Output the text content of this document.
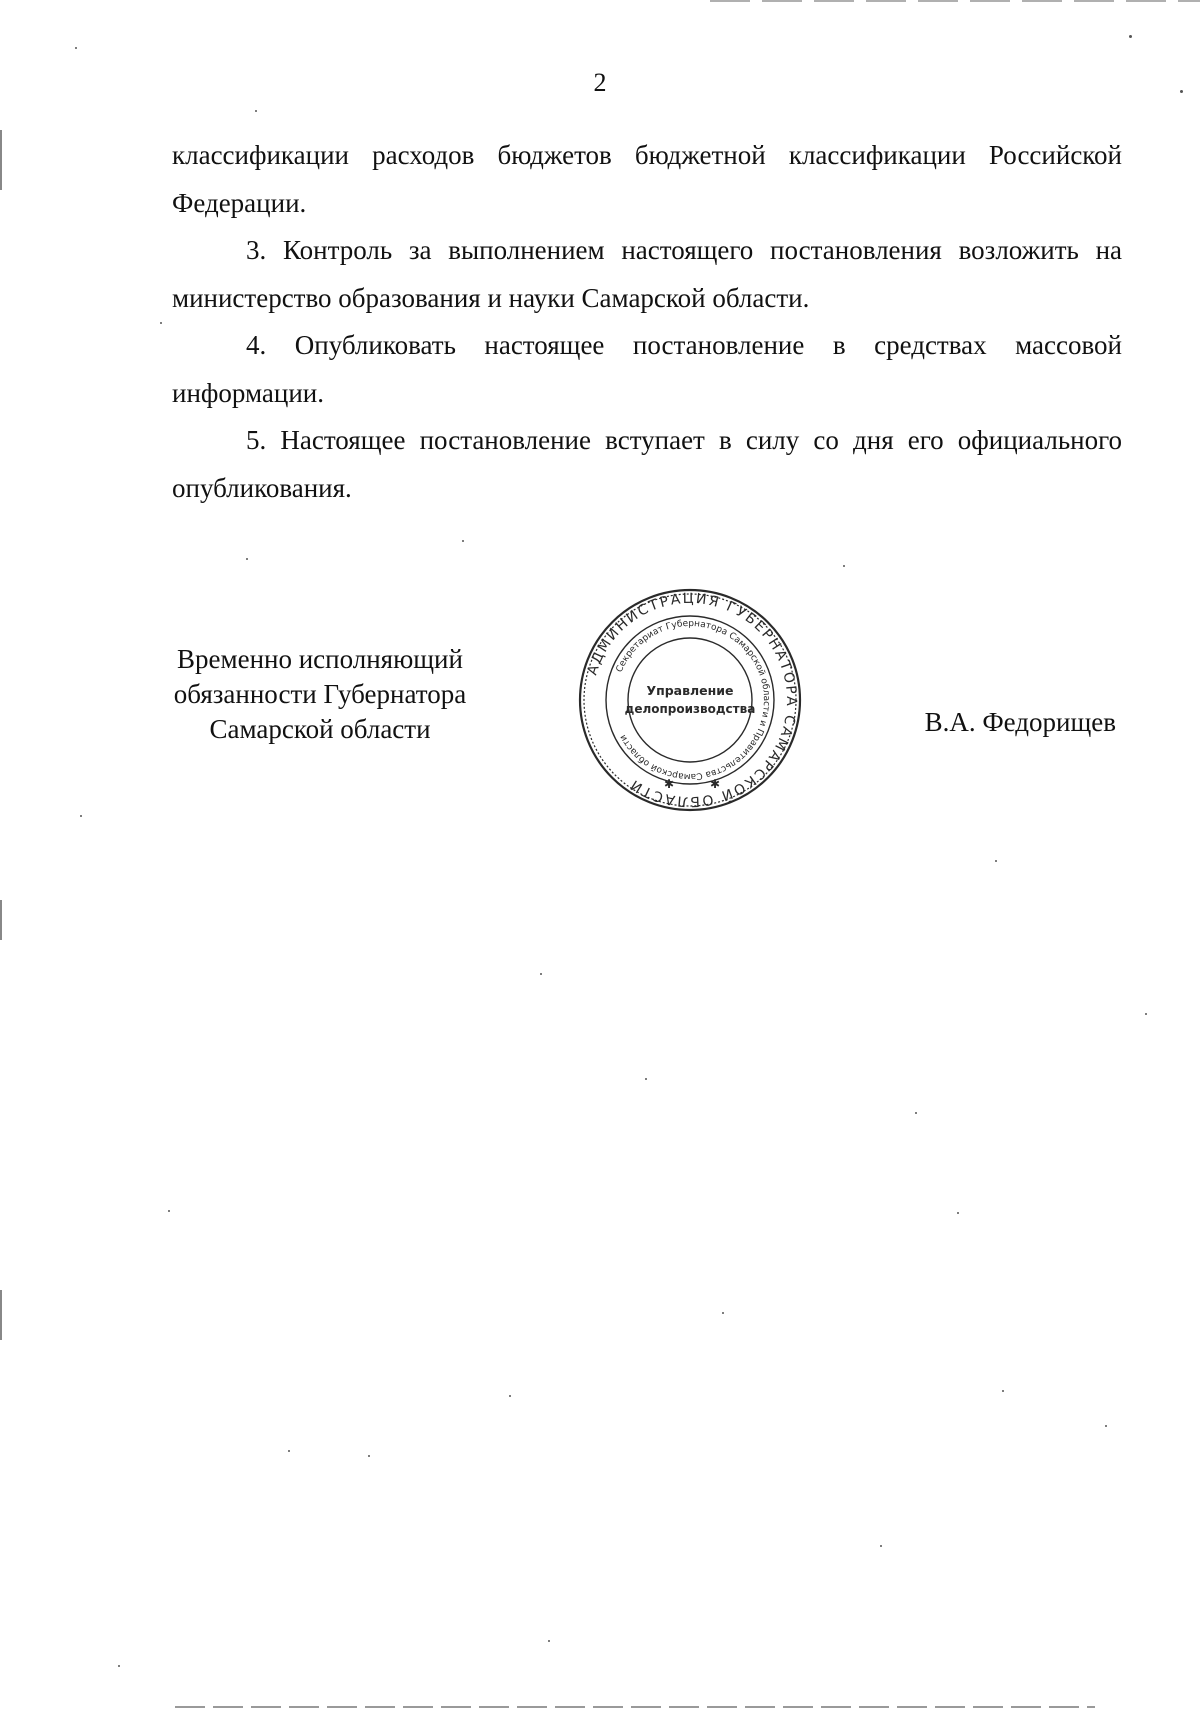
2

классификации расходов бюджетов бюджетной классификации Российской Федерации.

3. Контроль за выполнением настоящего постановления возложить на министерство образования и науки Самарской области.

4. Опубликовать настоящее постановление в средствах массовой информации.

5. Настоящее постановление вступает в силу со дня его официального опубликования.

Временно исполняющий
обязанности Губернатора
Самарской области
АДМИНИСТРАЦИЯ ГУБЕРНАТОРА САМАРСКОЙ ОБЛАСТИ
Секретариат Губернатора Самарской области и Правительства Самарской области
Управление
делопроизводства
✱	✱
В.А. Федорищев
